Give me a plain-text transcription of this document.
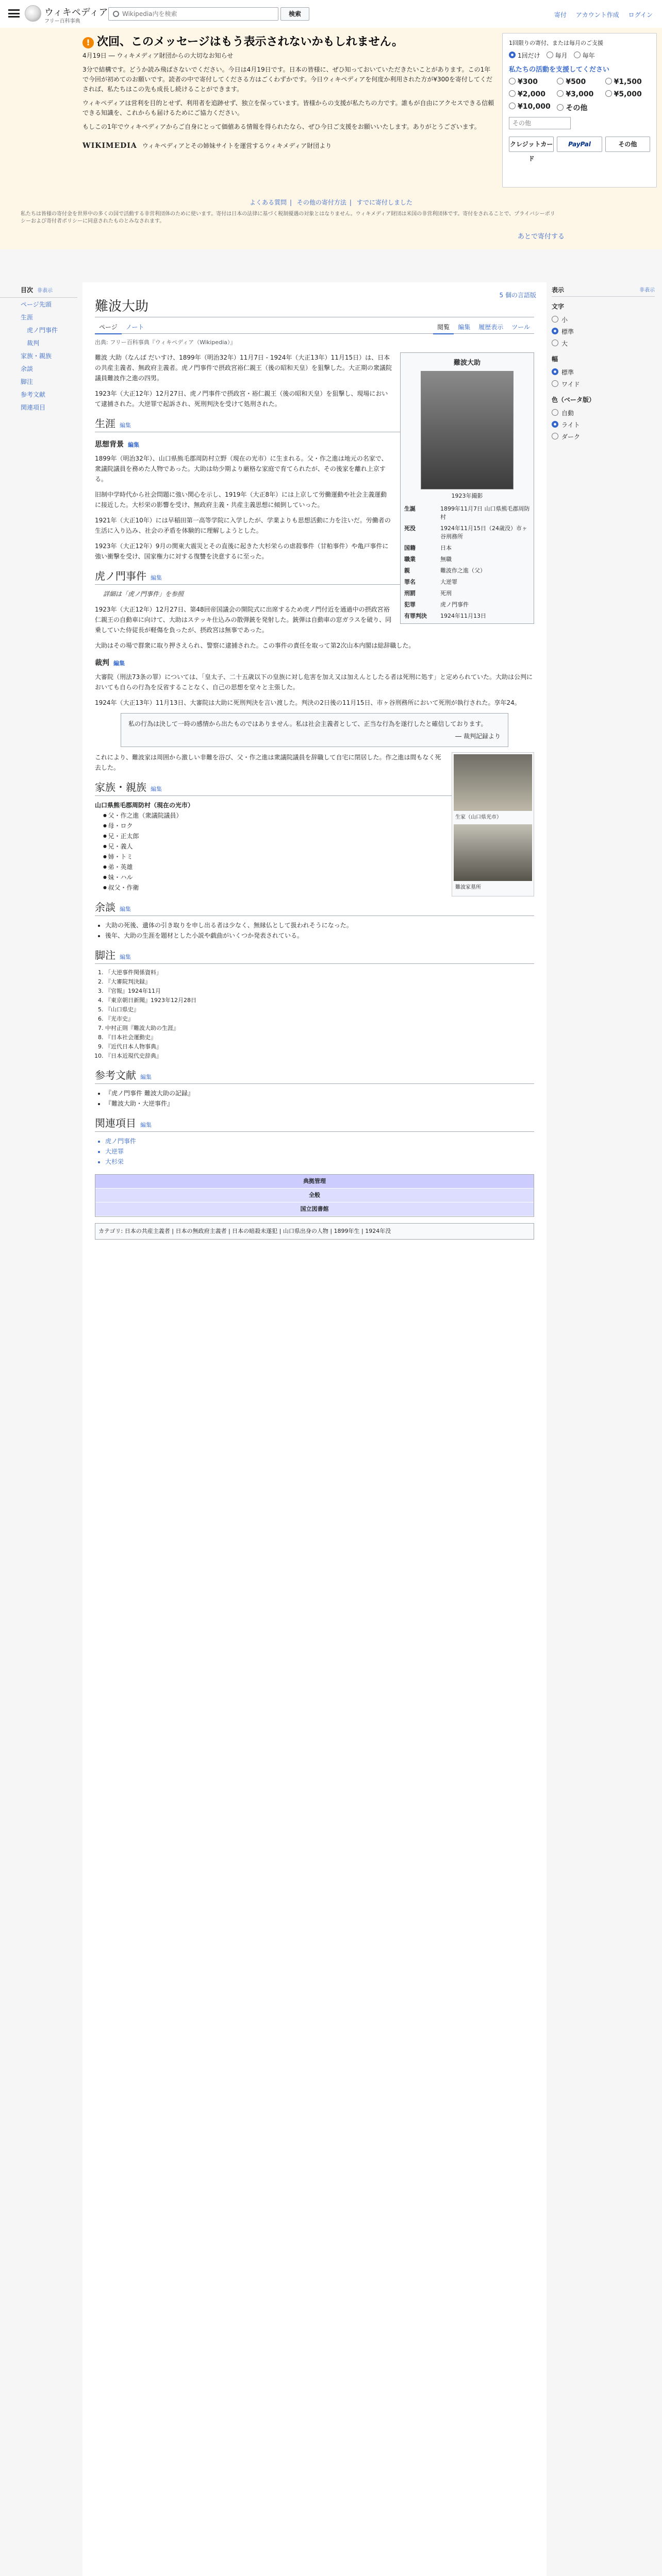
ウィキペディア
フリー百科事典
Wikipedia内を検索
検索	寄付 アカウント作成 ログイン
! 次回、このメッセージはもう表示されないかもしれません。
4月19日 ― ウィキメディア財団からの大切なお知らせ

3分で結構です。どうか読み飛ばさないでください。今日は4月19日です。日本の皆様に、ぜひ知っておいていただきたいことがあります。この1年で今回が初めてのお願いです。読者の中で寄付してくださる方はごくわずかです。今日ウィキペディアを何度か利用された方が¥300を寄付してくだされば、私たちはこの先も成長し続けることができます。

ウィキペディアは営利を目的とせず、利用者を追跡せず、独立を保っています。皆様からの支援が私たちの力です。誰もが自由にアクセスできる信頼できる知識を、これからも届けるためにご協力ください。

もしこの1年でウィキペディアからご自身にとって価値ある情報を得られたなら、ぜひ今日ご支援をお願いいたします。ありがとうございます。

WIKIMEDIA ウィキペディアとその姉妹サイトを運営するウィキメディア財団より
よくある質問 | その他の寄付方法 | すでに寄付しました
私たちは皆様の寄付金を世界中の多くの国で活動する非営利団体のために使います。寄付は日本の法律に基づく税制優遇の対象とはなりません。ウィキメディア財団は米国の非営利団体です。寄付をされることで、プライバシーポリシーおよび寄付者ポリシーに同意されたものとみなされます。
1回限りの寄付、または毎月のご支援
1回だけ	毎月	毎年
私たちの活動を支援してください
¥300	¥500	¥1,500
¥2,000	¥3,000	¥5,000
¥10,000	その他
その他
クレジットカード
PayPal	その他
あとで寄付する
目次 非表示
ページ先頭
生涯
虎ノ門事件
裁判
家族・親族
余談
脚注
参考文献
関連項目
5 個の言語版
難波大助
ページ ノート	閲覧 編集 履歴表示 ツール
出典: フリー百科事典『ウィキペディア（Wikipedia）』
難波大助
1923年撮影
生誕	1899年11月7日 山口県熊毛郡周防村
死没	1924年11月15日（24歳没）市ヶ谷刑務所
国籍	日本
職業	無職
親	難波作之進（父）
罪名	大逆罪
刑罰	死刑
犯罪	虎ノ門事件
有罪判決	1924年11月13日

難波 大助（なんば だいすけ、1899年（明治32年）11月7日 - 1924年（大正13年）11月15日）は、日本の共産主義者、無政府主義者。虎ノ門事件で摂政宮裕仁親王（後の昭和天皇）を狙撃した。大正期の衆議院議員難波作之進の四男。

1923年（大正12年）12月27日、虎ノ門事件で摂政宮・裕仁親王（後の昭和天皇）を狙撃し、現場において逮捕された。大逆罪で起訴され、死刑判決を受けて処刑された。

生涯 編集
思想背景 編集

1899年（明治32年）、山口県熊毛郡周防村立野（現在の光市）に生まれる。父・作之進は地元の名家で、衆議院議員を務めた人物であった。大助は幼少期より厳格な家庭で育てられたが、その後家を離れ上京する。

旧制中学時代から社会問題に強い関心を示し、1919年（大正8年）には上京して労働運動や社会主義運動に接近した。大杉栄の影響を受け、無政府主義・共産主義思想に傾倒していった。

1921年（大正10年）には早稲田第一高等学院に入学したが、学業よりも思想活動に力を注いだ。労働者の生活に入り込み、社会の矛盾を体験的に理解しようとした。

1923年（大正12年）9月の関東大震災とその直後に起きた大杉栄らの虐殺事件（甘粕事件）や亀戸事件に強い衝撃を受け、国家権力に対する復讐を決意するに至った。

虎ノ門事件 編集

詳細は「虎ノ門事件」を参照

1923年（大正12年）12月27日、第48回帝国議会の開院式に出席するため虎ノ門付近を通過中の摂政宮裕仁親王の自動車に向けて、大助はステッキ仕込みの散弾銃を発射した。銃弾は自動車の窓ガラスを破り、同乗していた侍従長が軽傷を負ったが、摂政宮は無事であった。

大助はその場で群衆に取り押さえられ、警察に逮捕された。この事件の責任を取って第2次山本内閣は総辞職した。

裁判 編集

大審院（刑法73条の罪）については、「皇太子、二十五歳以下の皇族に対し危害を加え又は加えんとしたる者は死刑に処す」と定められていた。大助は公判においても自らの行為を反省することなく、自己の思想を堂々と主張した。

1924年（大正13年）11月13日、大審院は大助に死刑判決を言い渡した。判決の2日後の11月15日、市ヶ谷刑務所において死刑が執行された。享年24。

私の行為は決して一時の感情から出たものではありません。私は社会主義者として、正当な行為を遂行したと確信しております。
― 裁判記録より
生家（山口県光市）
難波家墓所

これにより、難波家は周囲から激しい非難を浴び、父・作之進は衆議院議員を辞職して自宅に閉居した。作之進は間もなく死去した。

家族・親族 編集
山口県熊毛郡周防村（現在の光市）
● 父・作之進（衆議院議員）
● 母・ロク
● 兄・正太郎
● 兄・義人
● 姉・トミ
● 弟・英雄
● 妹・ハル
● 叔父・作衛
余談 編集
• 大助の死後、遺体の引き取りを申し出る者は少なく、無縁仏として扱われそうになった。
• 後年、大助の生涯を題材とした小説や戯曲がいくつか発表されている。
脚注 編集
1. 「大逆事件関係資料」
2. 『大審院判決録』
3. 『官報』1924年11月
4. 『東京朝日新聞』1923年12月28日
5. 『山口県史』
6. 『光市史』
7. 中村正則『難波大助の生涯』
8. 『日本社会運動史』
9. 『近代日本人物事典』
10. 『日本近現代史辞典』
参考文献 編集
• 『虎ノ門事件 難波大助の記録』
• 『難波大助・大逆事件』
関連項目 編集
• 虎ノ門事件
• 大逆罪
• 大杉栄
典拠管理
全般
国立図書館
カテゴリ: 日本の共産主義者 | 日本の無政府主義者 | 日本の暗殺未遂犯 | 山口県出身の人物 | 1899年生 | 1924年没
表示	非表示
文字
小
標準
大
幅
標準
ワイド
色（ベータ版）
自動
ライト
ダーク
